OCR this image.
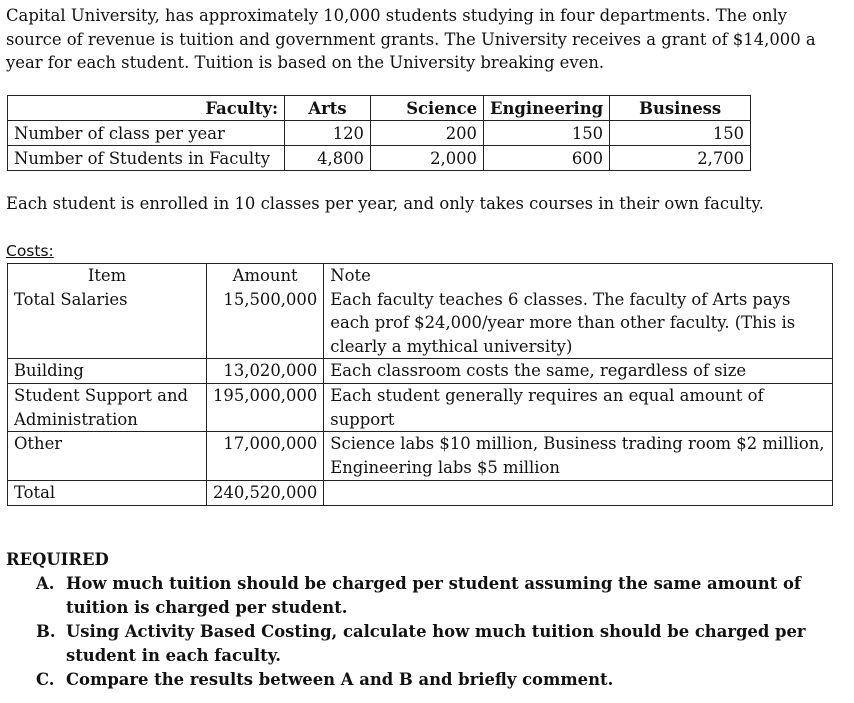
Capital University, has approximately 10,000 students studying in four departments. The only
source of revenue is tuition and government grants. The University receives a grant of $14,000 a
year for each student. Tuition is based on the University breaking even.
Faculty:	Arts	Science	Engineering	Business
Number of class per year	120	200	150	150
Number of Students in Faculty	4,800	2,000	600	2,700
Each student is enrolled in 10 classes per year, and only takes courses in their own faculty.
Costs:
Item	Amount	Note
Total Salaries	15,500,000	Each faculty teaches 6 classes. The faculty of Arts pays each prof $24,000/year more than other faculty. (This is clearly a mythical university)
Building	13,020,000	Each classroom costs the same, regardless of size
Student Support and Administration	195,000,000	Each student generally requires an equal amount of support
Other	17,000,000	Science labs $10 million, Business trading room $2 million, Engineering labs $5 million
Total	240,520,000	
REQUIRED
A. How much tuition should be charged per student assuming the same amount of tuition is charged per student.
B. Using Activity Based Costing, calculate how much tuition should be charged per student in each faculty.
C. Compare the results between A and B and briefly comment.
